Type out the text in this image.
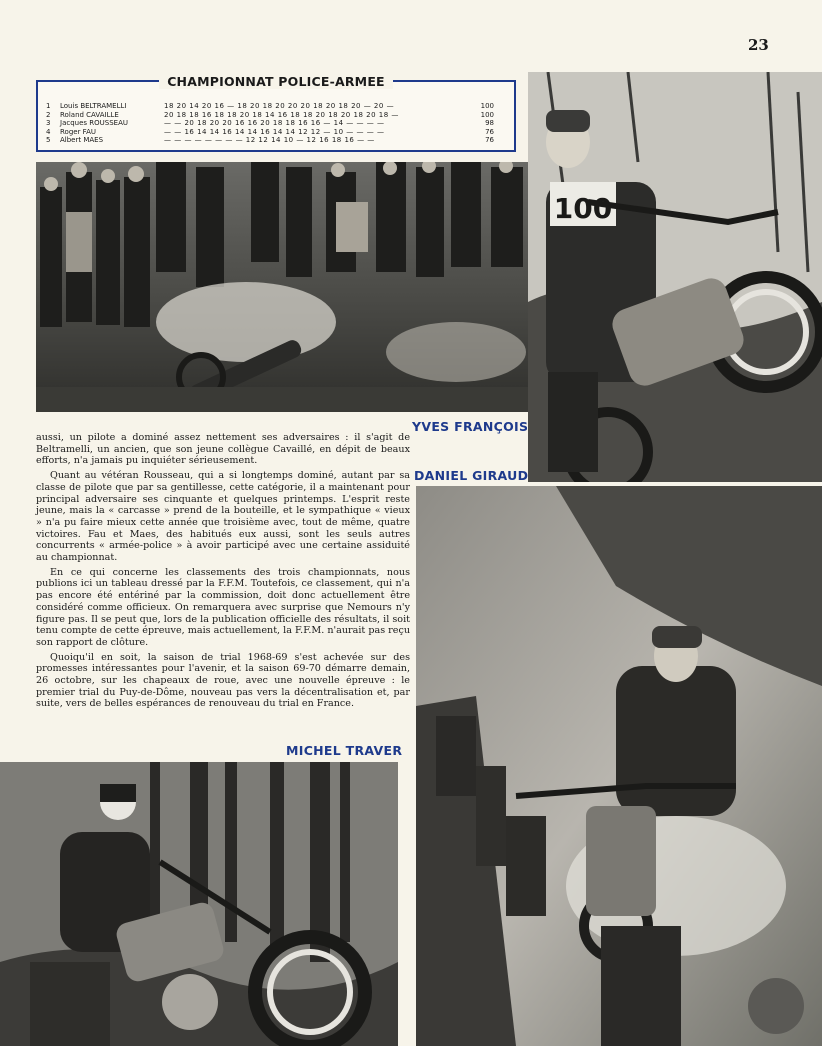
23
CHAMPIONNAT POLICE-ARMEE
1	Louis BELTRAMELLI	18 20 14 20 16 — 18 20 18 20 20 20 18 20 18 20 — 20 —	100
2	Roland CAVAILLE	20 18 18 16 18 18 20 18 14 16 18 18 20 18 20 18 20 18 —	100
3	Jacques ROUSSEAU	— — 20 18 20 20 16 16 20 18 18 16 16 — 14 — — — —	98
4	Roger FAU	— — 16 14 14 16 14 14 16 14 14 12 12 — 10 — — — —	76
5	Albert MAES	— — — — — — — — 12 12 14 10 — 12 16 18 16 — —	76
100
YVES FRANÇOIS
DANIEL GIRAUD
MICHEL TRAVER

aussi, un pilote a dominé assez nettement ses adversaires : il s'agit de Beltramelli, un ancien, que son jeune collègue Cavaillé, en dépit de beaux efforts, n'a jamais pu inquiéter sérieusement.

Quant au vétéran Rousseau, qui a si longtemps dominé, autant par sa classe de pilote que par sa gentillesse, cette catégorie, il a maintenant pour principal adversaire ses cinquante et quelques printemps. L'esprit reste jeune, mais la « carcasse » prend de la bouteille, et le sympathique « vieux » n'a pu faire mieux cette année que troisième avec, tout de même, quatre victoires. Fau et Maes, des habitués eux aussi, sont les seuls autres concurrents « armée-police » à avoir participé avec une certaine assiduité au championnat.

En ce qui concerne les classements des trois championnats, nous publions ici un tableau dressé par la F.F.M. Toutefois, ce classement, qui n'a pas encore été entériné par la commission, doit donc actuellement être considéré comme officieux. On remarquera avec surprise que Nemours n'y figure pas. Il se peut que, lors de la publication officielle des résultats, il soit tenu compte de cette épreuve, mais actuellement, la F.F.M. n'aurait pas reçu son rapport de clôture.

Quoiqu'il en soit, la saison de trial 1968-69 s'est achevée sur des promesses intéressantes pour l'avenir, et la saison 69-70 démarre demain, 26 octobre, sur les chapeaux de roue, avec une nouvelle épreuve : le premier trial du Puy-de-Dôme, nouveau pas vers la décentralisation et, par suite, vers de belles espérances de renouveau du trial en France.
